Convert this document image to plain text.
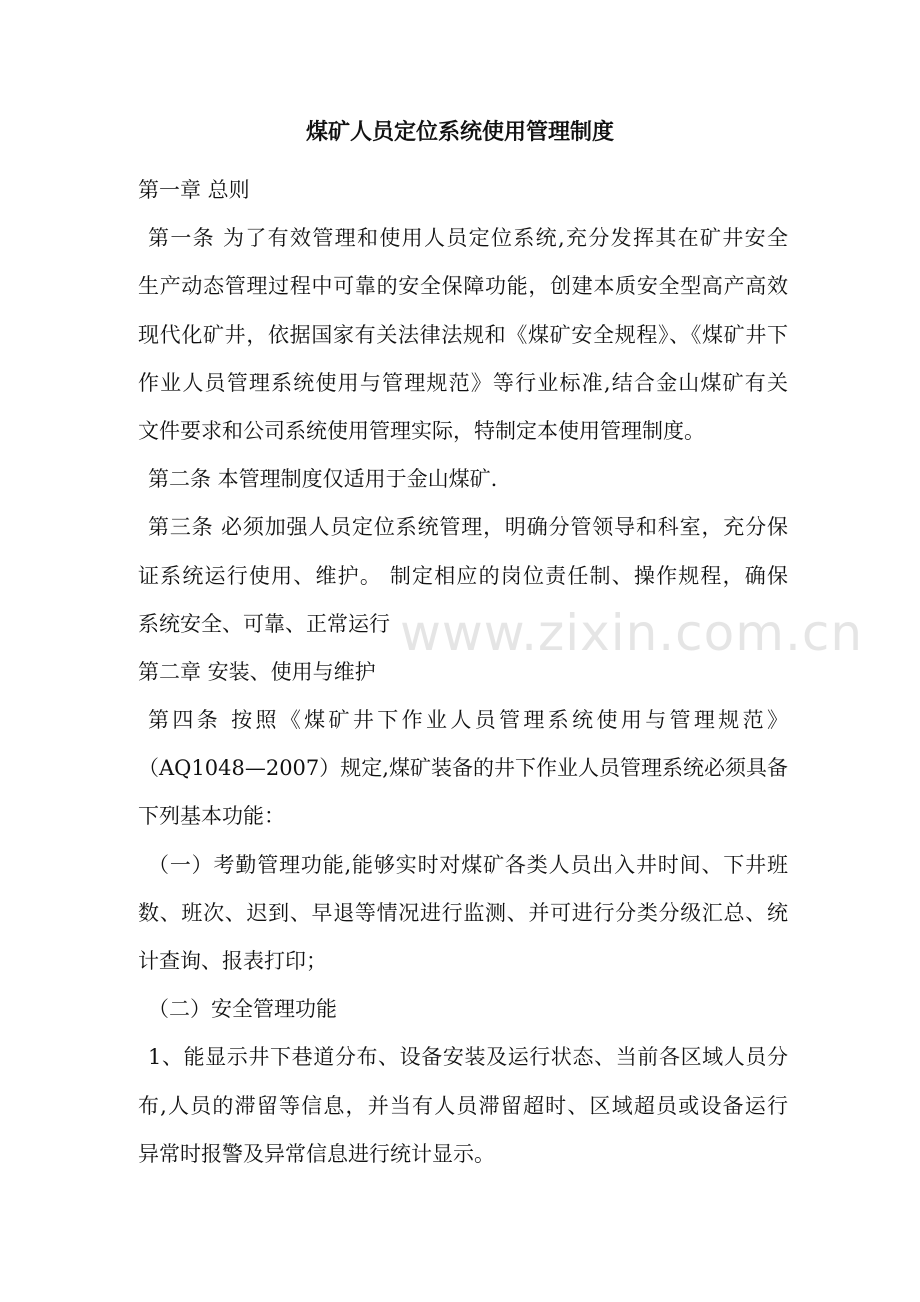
煤矿人员定位系统使用管理制度
第一章 总则
第一条 为了有效管理和使用人员定位系统,充分发挥其在矿井安全
生产动态管理过程中可靠的安全保障功能，创建本质安全型高产高效
现代化矿井，依据国家有关法律法规和《煤矿安全规程》、《煤矿井下
作业人员管理系统使用与管理规范》等行业标准,结合金山煤矿有关
文件要求和公司系统使用管理实际，特制定本使用管理制度。
第二条 本管理制度仅适用于金山煤矿.
第三条 必须加强人员定位系统管理，明确分管领导和科室，充分保
证系统运行使用、维护。 制定相应的岗位责任制、操作规程，确保
系统安全、可靠、正常运行
第二章 安装、使用与维护
第四条 按照《煤矿井下作业人员管理系统使用与管理规范》
（AQ1048—2007）规定,煤矿装备的井下作业人员管理系统必须具备
下列基本功能：
（一）考勤管理功能,能够实时对煤矿各类人员出入井时间、下井班
数、班次、迟到、早退等情况进行监测、并可进行分类分级汇总、统
计查询、报表打印；
（二）安全管理功能
1、能显示井下巷道分布、设备安装及运行状态、当前各区域人员分
布,人员的滞留等信息，并当有人员滞留超时、区域超员或设备运行
异常时报警及异常信息进行统计显示。
www.zixin.com.cn
